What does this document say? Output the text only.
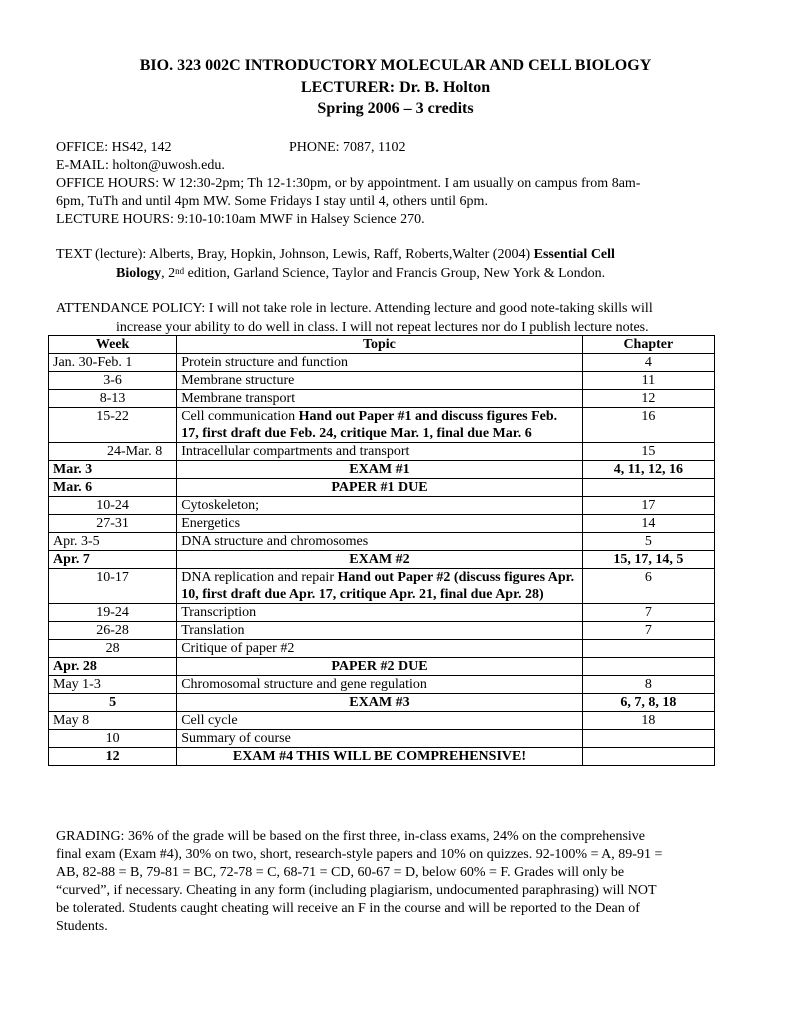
BIO. 323 002C INTRODUCTORY MOLECULAR AND CELL BIOLOGY
LECTURER: Dr. B. Holton
Spring 2006 – 3 credits
OFFICE: HS42, 142	PHONE: 7087, 1102

E-MAIL: holton@uwosh.edu.

OFFICE HOURS: W 12:30-2pm; Th 12-1:30pm, or by appointment. I am usually on campus from 8am-

6pm, TuTh and until 4pm MW. Some Fridays I stay until 4, others until 6pm.

LECTURE HOURS: 9:10-10:10am MWF in Halsey Science 270.

TEXT (lecture): Alberts, Bray, Hopkin, Johnson, Lewis, Raff, Roberts,Walter (2004) Essential Cell

Biology, 2nd edition, Garland Science, Taylor and Francis Group, New York & London.

ATTENDANCE POLICY: I will not take role in lecture. Attending lecture and good note-taking skills will

increase your ability to do well in class. I will not repeat lectures nor do I publish lecture notes.

Week	Topic	Chapter
Jan. 30-Feb. 1	Protein structure and function	4
3-6	Membrane structure	11
8-13	Membrane transport	12
15-22	Cell communication Hand out Paper #1 and discuss figures Feb. 17, first draft due Feb. 24, critique Mar. 1, final due Mar. 6	16
24-Mar. 8	Intracellular compartments and transport	15
Mar. 3	EXAM #1	4, 11, 12, 16
Mar. 6	PAPER #1 DUE	
10-24	Cytoskeleton;	17
27-31	Energetics	14
Apr. 3-5	DNA structure and chromosomes	5
Apr. 7	EXAM #2	15, 17, 14, 5
10-17	DNA replication and repair Hand out Paper #2 (discuss figures Apr. 10, first draft due Apr. 17, critique Apr. 21, final due Apr. 28)	6
19-24	Transcription	7
26-28	Translation	7
28	Critique of paper #2	
Apr. 28	PAPER #2 DUE	
May 1-3	Chromosomal structure and gene regulation	8
5	EXAM #3	6, 7, 8, 18
May 8	Cell cycle	18
10	Summary of course	
12	EXAM #4 THIS WILL BE COMPREHENSIVE!	

GRADING: 36% of the grade will be based on the first three, in-class exams, 24% on the comprehensive

final exam (Exam #4), 30% on two, short, research-style papers and 10% on quizzes. 92-100% = A, 89-91 =

AB, 82-88 = B, 79-81 = BC, 72-78 = C, 68-71 = CD, 60-67 = D, below 60% = F. Grades will only be

“curved”, if necessary. Cheating in any form (including plagiarism, undocumented paraphrasing) will NOT

be tolerated. Students caught cheating will receive an F in the course and will be reported to the Dean of

Students.
